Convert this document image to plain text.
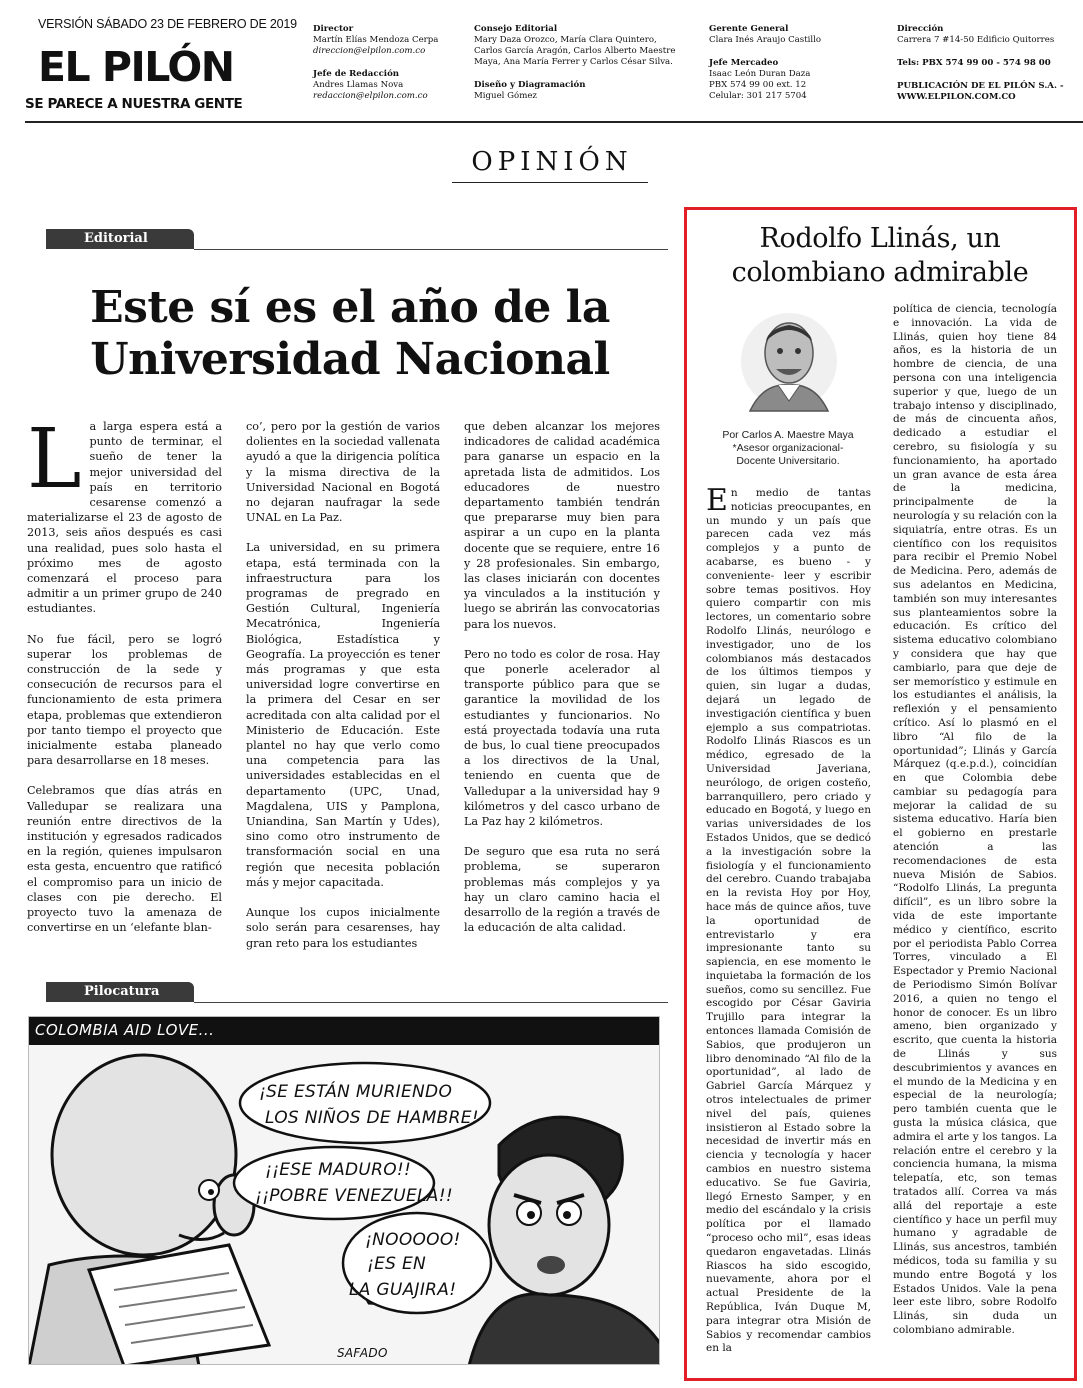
VERSIÓN SÁBADO 23 DE FEBRERO DE 2019
EL PILÓN
SE PARECE A NUESTRA GENTE
Director
Martín Elías Mendoza Cerpa
direccion@elpilon.com.co
Jefe de Redacción
Andres Llamas Nova
redaccion@elpilon.com.co
Consejo Editorial
Mary Daza Orozco, María Clara Quintero,
Carlos García Aragón, Carlos Alberto Maestre
Maya, Ana María Ferrer y Carlos César Silva.
Diseño y Diagramación
Miguel Gómez
Gerente General
Clara Inés Araujo Castillo
Jefe Mercadeo
Isaac León Duran Daza
PBX 574 99 00 ext. 12
Celular: 301 217 5704
Dirección
Carrera 7 #14-50 Edificio Quitorres
Tels: PBX 574 99 00 - 574 98 00
PUBLICACIÓN DE EL PILÓN S.A. -
WWW.ELPILON.COM.CO
OPINIÓN
Editorial
Este sí es el año de la
Universidad Nacional

La larga espera está a punto de terminar, el sueño de tener la mejor universidad del país en territorio cesarense comenzó a materializarse el 23 de agosto de 2013, seis años después es casi una realidad, pues solo hasta el próximo mes de agosto comenzará el proceso para admitir a un primer grupo de 240 estudiantes.

No fue fácil, pero se logró superar los problemas de construcción de la sede y consecución de recursos para el funcionamiento de esta primera etapa, problemas que extendieron por tanto tiempo el proyecto que inicialmente estaba planeado para desarrollarse en 18 meses.

Celebramos que días atrás en Valledupar se realizara una reunión entre directivos de la institución y egresados radicados en la región, quienes impulsaron esta gesta, encuentro que ratificó el compromiso para un inicio de clases con pie derecho. El proyecto tuvo la amenaza de convertirse en un ‘elefante blan-

co’, pero por la gestión de varios dolientes en la sociedad vallenata ayudó a que la dirigencia política y la misma directiva de la Universidad Nacional en Bogotá no dejaran naufragar la sede UNAL en La Paz.

La universidad, en su primera etapa, está terminada con la infraestructura para los programas de pregrado en Gestión Cultural, Ingeniería Mecatrónica, Ingeniería Biológica, Estadística y Geografía. La proyección es tener más programas y que esta universidad logre convertirse en la primera del Cesar en ser acreditada con alta calidad por el Ministerio de Educación. Este plantel no hay que verlo como una competencia para las universidades establecidas en el departamento (UPC, Unad, Magdalena, UIS y Pamplona, Uniandina, San Martín y Udes), sino como otro instrumento de transformación social en una región que necesita población más y mejor capacitada.

Aunque los cupos inicialmente solo serán para cesarenses, hay gran reto para los estudiantes

que deben alcanzar los mejores indicadores de calidad académica para ganarse un espacio en la apretada lista de admitidos. Los educadores de nuestro departamento también tendrán que prepararse muy bien para aspirar a un cupo en la planta docente que se requiere, entre 16 y 28 profesionales. Sin embargo, las clases iniciarán con docentes ya vinculados a la institución y luego se abrirán las convocatorias para los nuevos.

Pero no todo es color de rosa. Hay que ponerle acelerador al transporte público para que se garantice la movilidad de los estudiantes y funcionarios. No está proyectada todavía una ruta de bus, lo cual tiene preocupados a los directivos de la Unal, teniendo en cuenta que de Valledupar a la universidad hay 9 kilómetros y del casco urbano de La Paz hay 2 kilómetros.

De seguro que esa ruta no será problema, se superaron problemas más complejos y ya hay un claro camino hacia el desarrollo de la región a través de la educación de alta calidad.

Pilocatura
COLOMBIA AID LOVE...
¡SE ESTÁN MURIENDO
LOS NIÑOS DE HAMBRE!
¡¡ESE MADURO!!
¡¡POBRE VENEZUELA!!
¡NOOOOO!
¡ES EN
LA GUAJIRA!
SAFADO
Rodolfo Llinás, un
colombiano admirable
Por Carlos A. Maestre Maya
*Asesor organizacional-
Docente Universitario.

En medio de tantas noticias preocupantes, en un mundo y un país que parecen cada vez más complejos y a punto de acabarse, es bueno - y conveniente- leer y escribir sobre temas positivos. Hoy quiero compartir con mis lectores, un comentario sobre Rodolfo Llinás, neurólogo e investigador, uno de los colombianos más destacados de los últimos tiempos y quien, sin lugar a dudas, dejará un legado de investigación científica y buen ejemplo a sus compatriotas. Rodolfo Llinás Riascos es un médico, egresado de la Universidad Javeriana, neurólogo, de origen costeño, barranquillero, pero criado y educado en Bogotá, y luego en varias universidades de los Estados Unidos, que se dedicó a la investigación sobre la fisiología y el funcionamiento del cerebro. Cuando trabajaba en la revista Hoy por Hoy, hace más de quince años, tuve la oportunidad de entrevistarlo y era impresionante tanto su sapiencia, en ese momento le inquietaba la formación de los sueños, como su sencillez. Fue escogido por César Gaviria Trujillo para integrar la entonces llamada Comisión de Sabios, que produjeron un libro denominado “Al filo de la oportunidad”, al lado de Gabriel García Márquez y otros intelectuales de primer nivel del país, quienes insistieron al Estado sobre la necesidad de invertir más en ciencia y tecnología y hacer cambios en nuestro sistema educativo. Se fue Gaviria, llegó Ernesto Samper, y en medio del escándalo y la crisis política por el llamado “proceso ocho mil”, esas ideas quedaron engavetadas. Llinás Riascos ha sido escogido, nuevamente, ahora por el actual Presidente de la República, Iván Duque M, para integrar otra Misión de Sabios y recomendar cambios en la

política de ciencia, tecnología e innovación. La vida de Llinás, quien hoy tiene 84 años, es la historia de un hombre de ciencia, de una persona con una inteligencia superior y que, luego de un trabajo intenso y disciplinado, de más de cincuenta años, dedicado a estudiar el cerebro, su fisiología y su funcionamiento, ha aportado un gran avance de esta área de la medicina, principalmente de la neurología y su relación con la siquiatría, entre otras. Es un científico con los requisitos para recibir el Premio Nobel de Medicina. Pero, además de sus adelantos en Medicina, también son muy interesantes sus planteamientos sobre la educación. Es crítico del sistema educativo colombiano y considera que hay que cambiarlo, para que deje de ser memorístico y estimule en los estudiantes el análisis, la reflexión y el pensamiento crítico. Así lo plasmó en el libro “Al filo de la oportunidad”; Llinás y García Márquez (q.e.p.d.), coincidían en que Colombia debe cambiar su pedagogía para mejorar la calidad de su sistema educativo. Haría bien el gobierno en prestarle atención a las recomendaciones de esta nueva Misión de Sabios. “Rodolfo Llinás, La pregunta difícil”, es un libro sobre la vida de este importante médico y científico, escrito por el periodista Pablo Correa Torres, vinculado a El Espectador y Premio Nacional de Periodismo Simón Bolívar 2016, a quien no tengo el honor de conocer. Es un libro ameno, bien organizado y escrito, que cuenta la historia de Llinás y sus descubrimientos y avances en el mundo de la Medicina y en especial de la neurología; pero también cuenta que le gusta la música clásica, que admira el arte y los tangos. La relación entre el cerebro y la conciencia humana, la misma telepatía, etc, son temas tratados allí. Correa va más allá del reportaje a este científico y hace un perfil muy humano y agradable de Llinás, sus ancestros, también médicos, toda su familia y su mundo entre Bogotá y los Estados Unidos. Vale la pena leer este libro, sobre Rodolfo Llinás, sin duda un colombiano admirable.
